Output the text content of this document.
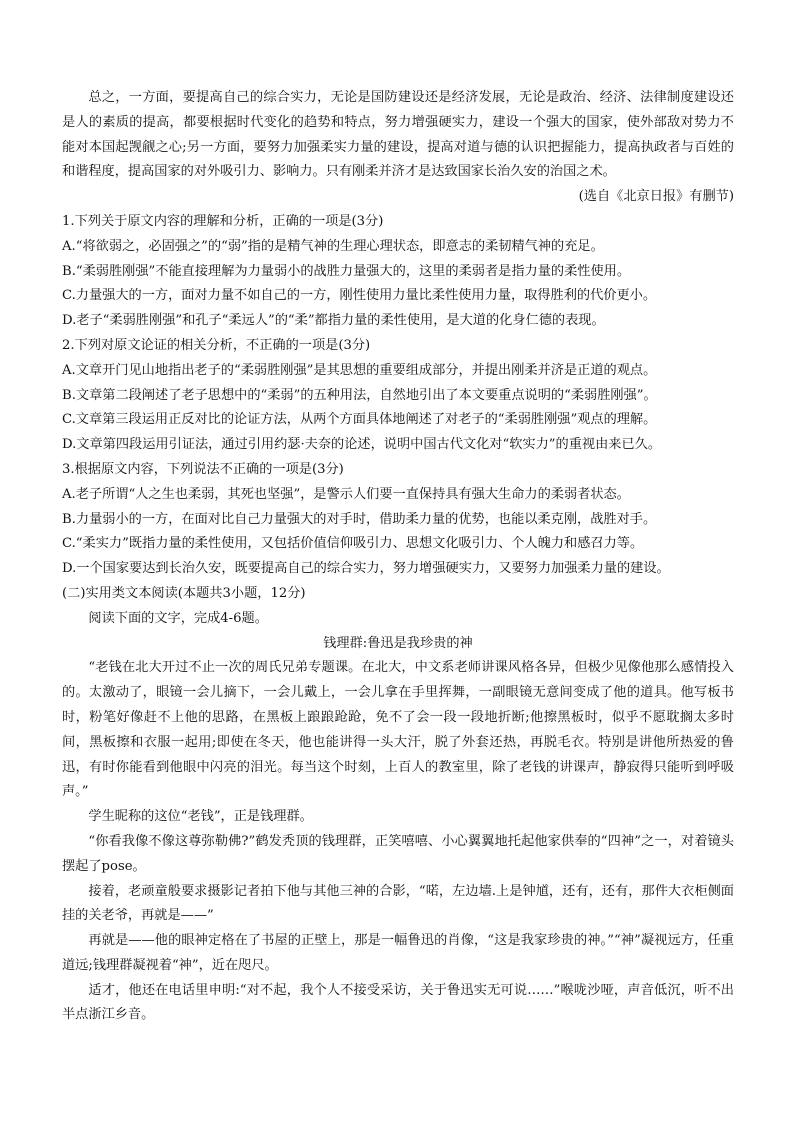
总之，一方面，要提高自己的综合实力，无论是国防建设还是经济发展，无论是政治、经济、法律制度建设还是人的素质的提高，都要根据时代变化的趋势和特点，努力增强硬实力，建设一个强大的国家，使外部敌对势力不能对本国起觊觎之心;另一方面，要努力加强柔实力量的建设，提高对道与德的认识把握能力，提高执政者与百姓的和谐程度，提高国家的对外吸引力、影响力。只有刚柔并济才是达致国家长治久安的治国之术。

(选自《北京日报》有删节)

1.下列关于原文内容的理解和分析，正确的一项是(3分)

A.“将欲弱之，必固强之”的“弱”指的是精气神的生理心理状态，即意志的柔韧精气神的充足。

B.“柔弱胜刚强”不能直接理解为力量弱小的战胜力量强大的，这里的柔弱者是指力量的柔性使用。

C.力量强大的一方，面对力量不如自己的一方，刚性使用力量比柔性使用力量，取得胜利的代价更小。

D.老子“柔弱胜刚强”和孔子“柔远人”的“柔”都指力量的柔性使用，是大道的化身仁德的表现。

2.下列对原文论证的相关分析，不正确的一项是(3分)

A.文章开门见山地指出老子的“柔弱胜刚强”是其思想的重要组成部分，并提出刚柔并济是正道的观点。

B.文章第二段阐述了老子思想中的“柔弱”的五种用法，自然地引出了本文要重点说明的“柔弱胜刚强”。

C.文章第三段运用正反对比的论证方法，从两个方面具体地阐述了对老子的“柔弱胜刚强”观点的理解。

D.文章第四段运用引证法，通过引用约瑟·夫奈的论述，说明中国古代文化对“软实力”的重视由来已久。

3.根据原文内容，下列说法不正确的一项是(3分)

A.老子所谓“人之生也柔弱，其死也坚强”，是警示人们要一直保持具有强大生命力的柔弱者状态。

B.力量弱小的一方，在面对比自己力量强大的对手时，借助柔力量的优势，也能以柔克刚，战胜对手。

C.“柔实力”既指力量的柔性使用，又包括价值信仰吸引力、思想文化吸引力、个人魄力和感召力等。

D.一个国家要达到长治久安，既要提高自己的综合实力，努力增强硬实力，又要努力加强柔力量的建设。

(二)实用类文本阅读(本题共3小题，12分)

阅读下面的文字，完成4-6题。

钱理群:鲁迅是我珍贵的神

“老钱在北大开过不止一次的周氏兄弟专题课。在北大，中文系老师讲课风格各异，但极少见像他那么感情投入的。太激动了，眼镜一会儿摘下，一会儿戴上，一会儿拿在手里挥舞，一副眼镜无意间变成了他的道具。他写板书时，粉笔好像赶不上他的思路，在黑板上踉踉跄跄，免不了会一段一段地折断;他擦黑板时，似乎不愿耽搁太多时间，黑板擦和衣服一起用;即使在冬天，他也能讲得一头大汗，脱了外套还热，再脱毛衣。特别是讲他所热爱的鲁迅，有时你能看到他眼中闪亮的泪光。每当这个时刻，上百人的教室里，除了老钱的讲课声，静寂得只能听到呼吸声。”

学生昵称的这位“老钱”，正是钱理群。

“你看我像不像这尊弥勒佛?”鹤发秃顶的钱理群，正笑嘻嘻、小心翼翼地托起他家供奉的“四神”之一，对着镜头摆起了pose。

接着，老顽童般要求摄影记者拍下他与其他三神的合影，“喏，左边墙.上是钟馗，还有，还有，那件大衣柜侧面挂的关老爷，再就是——”

再就是——他的眼神定格在了书屋的正壁上，那是一幅鲁迅的肖像，“这是我家珍贵的神。”“神”凝视远方，任重道远;钱理群凝视着“神”，近在咫尺。

适才，他还在电话里申明:“对不起，我个人不接受采访，关于鲁迅实无可说……”喉咙沙哑，声音低沉，听不出半点浙江乡音。
